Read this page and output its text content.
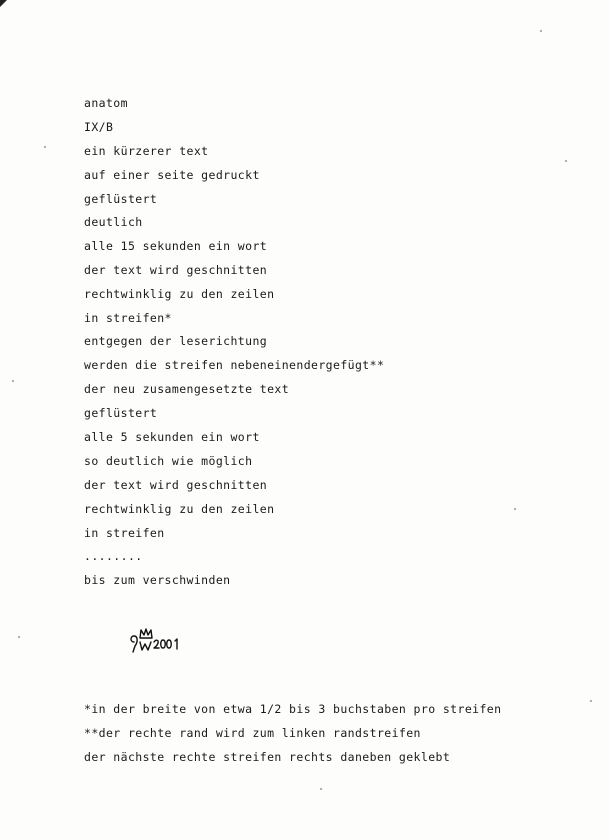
anatom
IX/B
ein kürzerer text
auf einer seite gedruckt
geflüstert
deutlich
alle 15 sekunden ein wort
der text wird geschnitten
rechtwinklig zu den zeilen
in streifen*
entgegen der leserichtung
werden die streifen nebeneinendergefügt**
der neu zusamengesetzte text
geflüstert
alle 5 sekunden ein wort
so deutlich wie möglich
der text wird geschnitten
rechtwinklig zu den zeilen
in streifen
........
bis zum verschwinden
*in der breite von etwa 1/2 bis 3 buchstaben pro streifen
**der rechte rand wird zum linken randstreifen
der nächste rechte streifen rechts daneben geklebt
